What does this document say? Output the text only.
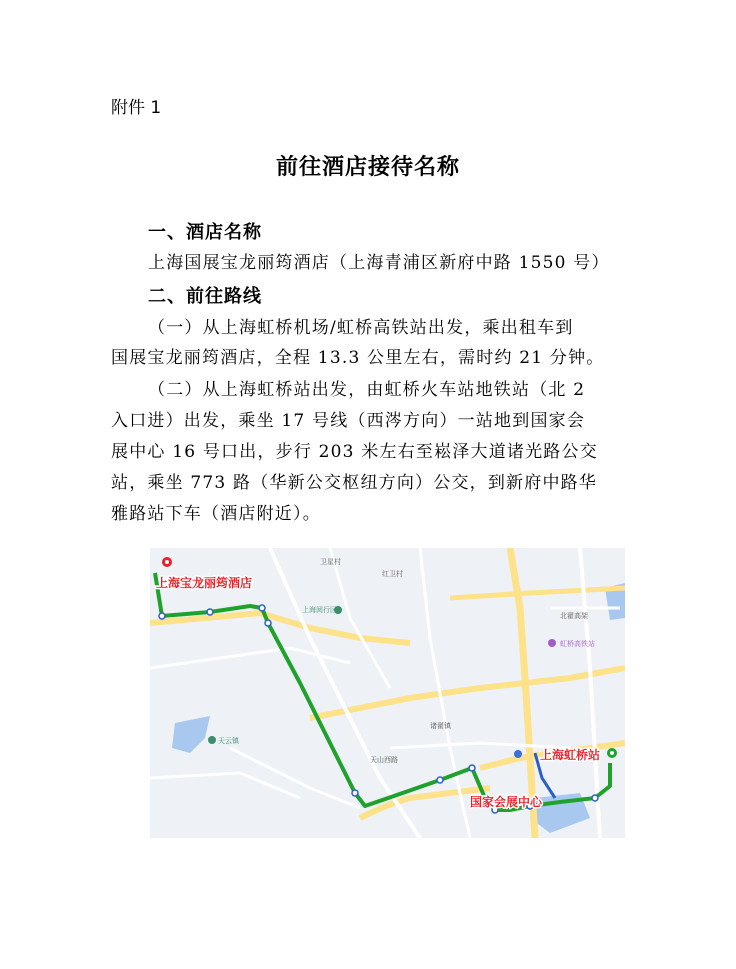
附件 1
前往酒店接待名称
一、酒店名称
上海国展宝龙丽筠酒店（上海青浦区新府中路 1550 号）
二、前往路线
（一）从上海虹桥机场/虹桥高铁站出发，乘出租车到
国展宝龙丽筠酒店，全程 13.3 公里左右，需时约 21 分钟。
（二）从上海虹桥站出发，由虹桥火车站地铁站（北 2
入口进）出发，乘坐 17 号线（西涔方向）一站地到国家会
展中心 16 号口出，步行 203 米左右至崧泽大道诸光路公交
站，乘坐 773 路（华新公交枢纽方向）公交，到新府中路华
雅路站下车（酒店附近）。
卫星村
红卫村
上海阅行区
诸翟镇
天山西路
虹桥高铁站
北翟高架
天云镇
上海宝龙丽筠酒店
上海虹桥站
国家会展中心
